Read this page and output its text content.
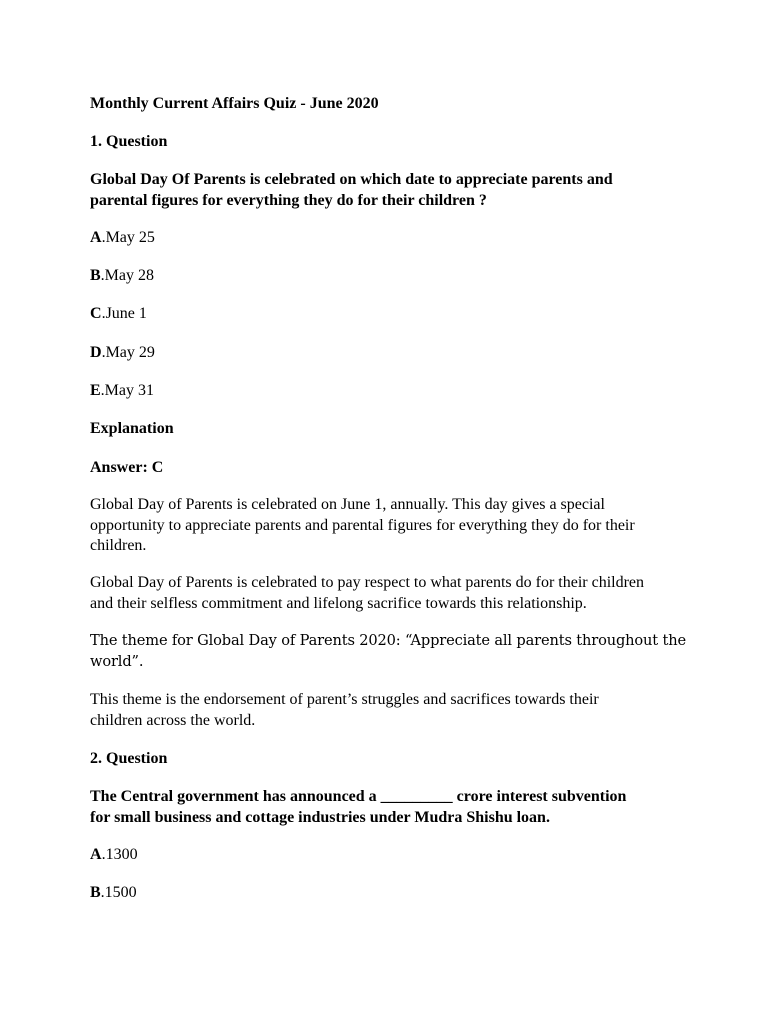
Monthly Current Affairs Quiz - June 2020
1. Question
Global Day Of Parents is celebrated on which date to appreciate parents and
parental figures for everything they do for their children ?
A.May 25
B.May 28
C.June 1
D.May 29
E.May 31
Explanation
Answer: C
Global Day of Parents is celebrated on June 1, annually. This day gives a special
opportunity to appreciate parents and parental figures for everything they do for their
children.
Global Day of Parents is celebrated to pay respect to what parents do for their children
and their selfless commitment and lifelong sacrifice towards this relationship.
The theme for Global Day of Parents 2020: “Appreciate all parents throughout the
world”.
This theme is the endorsement of parent’s struggles and sacrifices towards their
children across the world.
2. Question
The Central government has announced a _________ crore interest subvention
for small business and cottage industries under Mudra Shishu loan.
A.1300
B.1500
